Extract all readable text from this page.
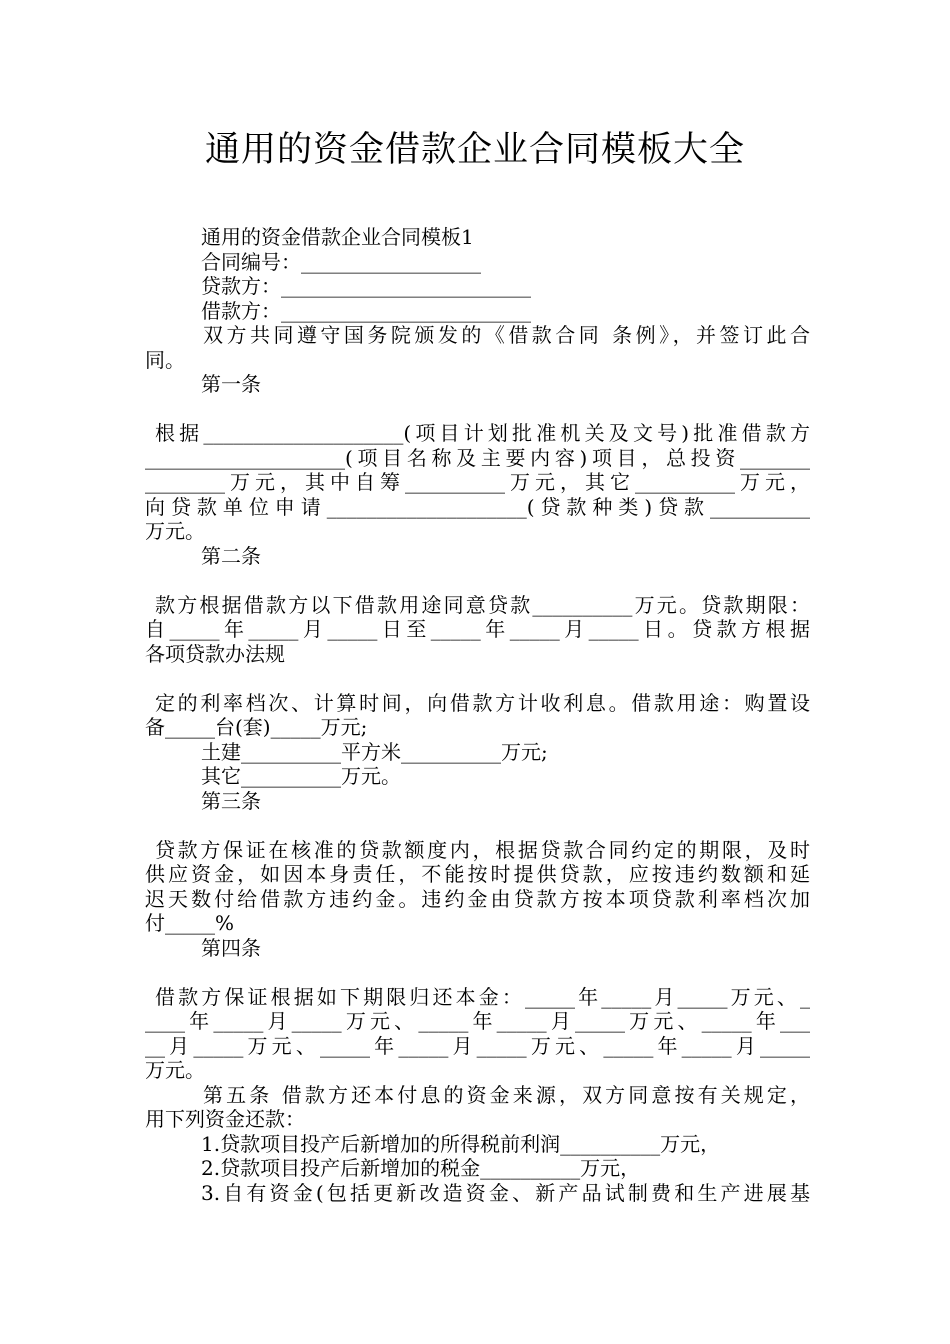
通用的资金借款企业合同模板大全
通用的资金借款企业合同模板1
合同编号：__________________
贷款方：_________________________
借款方：_________________________
双方共同遵守国务院颁发的《借款合同 条例》，并签订此合
同。
第一条
根据____________________(项目计划批准机关及文号)批准借款方
____________________(项目名称及主要内容)项目，总投资_______
________万元，其中自筹__________万元，其它__________万元，
向贷款单位申请____________________(贷款种类)贷款__________
万元。
第二条
款方根据借款方以下借款用途同意贷款__________万元。贷款期限：
自_____年_____月_____日至_____年_____月_____日。贷款方根据
各项贷款办法规
定的利率档次、计算时间，向借款方计收利息。借款用途：购置设
备_____台(套)_____万元;
土建__________平方米__________万元;
其它__________万元。
第三条
贷款方保证在核准的贷款额度内，根据贷款合同约定的期限，及时
供应资金，如因本身责任，不能按时提供贷款，应按违约数额和延
迟天数付给借款方违约金。违约金由贷款方按本项贷款利率档次加
付_____%
第四条
借款方保证根据如下期限归还本金：_____年_____月_____万元、_
____年_____月_____万元、_____年_____月_____万元、_____年___
__月_____万元、_____年_____月_____万元、_____年_____月_____
万元。
第五条 借款方还本付息的资金来源，双方同意按有关规定，
用下列资金还款：
1.贷款项目投产后新增加的所得税前利润__________万元，
2.贷款项目投产后新增加的税金__________万元，
3.自有资金(包括更新改造资金、新产品试制费和生产进展基
